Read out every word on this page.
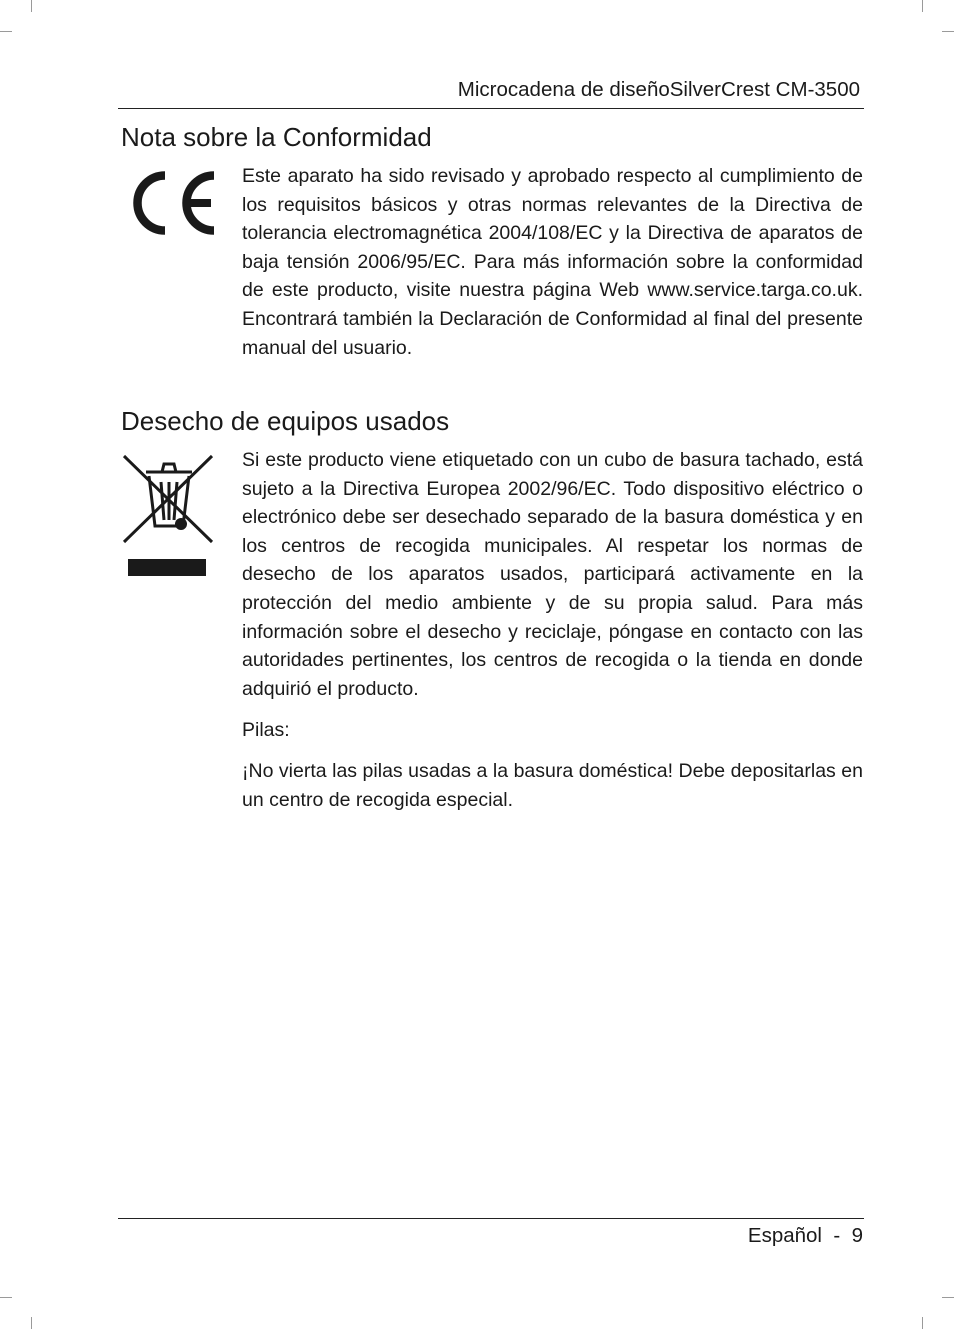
Microcadena de diseñoSilverCrest CM-3500
Nota sobre la Conformidad

Este aparato ha sido revisado y aprobado respecto al cumplimiento de los requisitos básicos y otras normas relevantes de la Directiva de tolerancia electromagnética 2004/108/EC y la Directiva de aparatos de baja tensión 2006/95/EC. Para más información sobre la conformidad de este producto, visite nuestra página Web www.service.targa.co.uk. Encontrará también la Declaración de Conformidad al final del presente manual del usuario.

Desecho de equipos usados

Si este producto viene etiquetado con un cubo de basura tachado, está sujeto a la Directiva Europea 2002/96/EC. Todo dispositivo eléctrico o electrónico debe ser desechado separado de la basura doméstica y en los centros de recogida municipales. Al respetar los normas de desecho de los aparatos usados, participará activamente en la protección del medio ambiente y de su propia salud. Para más información sobre el desecho y reciclaje, póngase en contacto con las autoridades pertinentes, los centros de recogida o la tienda en donde adquirió el producto.

Pilas:

¡No vierta las pilas usadas a la basura doméstica! Debe depositarlas en un centro de recogida especial.

Español  -  9
